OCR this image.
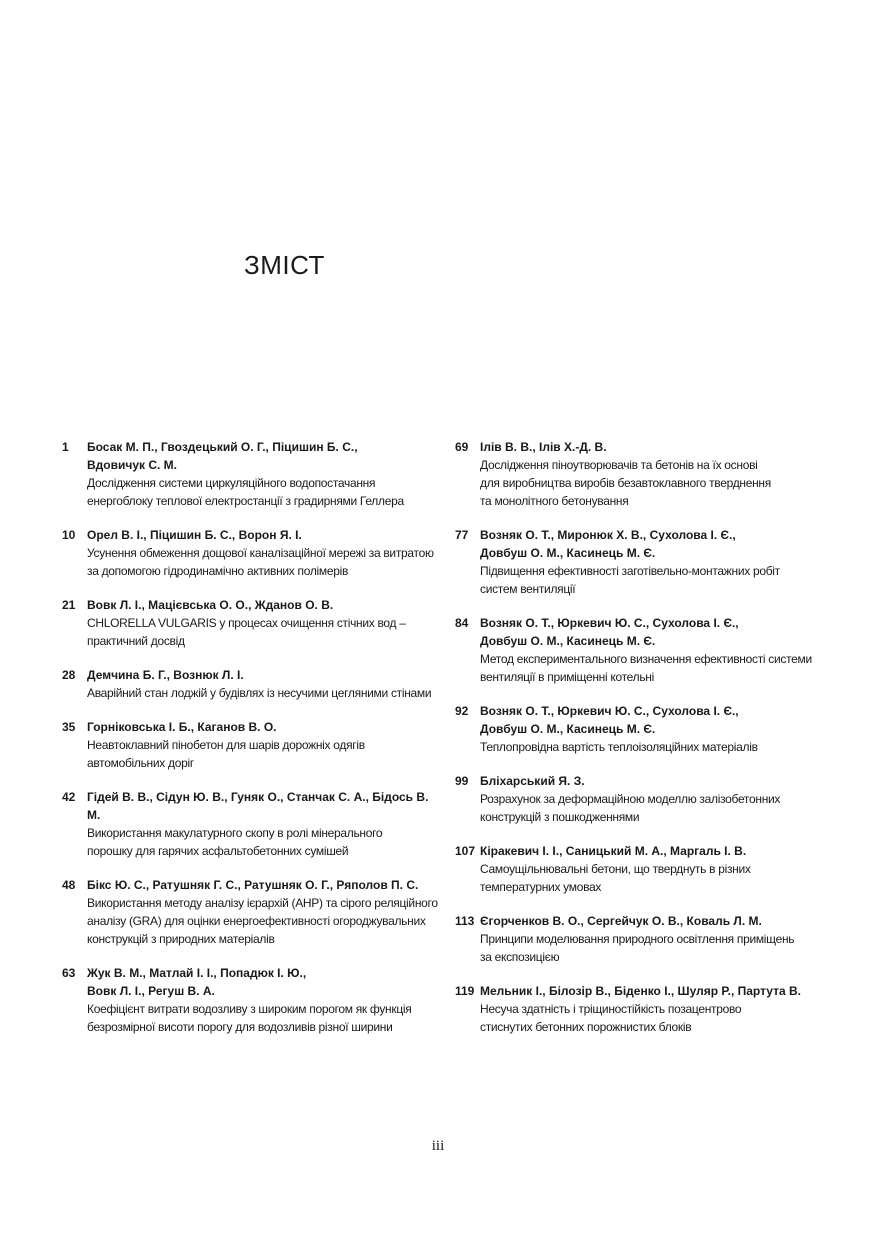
ЗМІСТ
1 Босак М. П., Гвоздецький О. Г., Піцишин Б. С.,
Вдовичук С. М.
Дослідження системи циркуляційного водопостачання
енергоблоку теплової електростанції з градирнями Геллера
10 Орел В. І., Піцишин Б. С., Ворон Я. І.
Усунення обмеження дощової каналізаційної мережі за витратою
за допомогою гідродинамічно активних полімерів
21 Вовк Л. І., Мацієвська О. О., Жданов О. В.
CHLORELLA VULGARIS у процесах очищення стічних вод –
практичний досвід
28 Демчина Б. Г., Вознюк Л. І.
Аварійний стан лоджій у будівлях із несучими цегляними стінами
35 Горніковська І. Б., Каганов В. О.
Неавтоклавний пінобетон для шарів дорожніх одягів
автомобільних доріг
42 Гідей В. В., Сідун Ю. В., Гуняк О., Станчак С. А., Бідось В. М.
Використання макулатурного скопу в ролі мінерального
порошку для гарячих асфальтобетонних сумішей
48 Бікс Ю. С., Ратушняк Г. С., Ратушняк О. Г., Ряполов П. С.
Використання методу аналізу ієрархій (AHP) та сірого реляційного
аналізу (GRA) для оцінки енергоефективності огороджувальних
конструкцій з природних матеріалів
63 Жук В. М., Матлай І. І., Попадюк І. Ю.,
Вовк Л. І., Регуш В. А.
Коефіцієнт витрати водозливу з широким порогом як функція
безрозмірної висоти порогу для водозливів різної ширини
69 Ілів В. В., Ілів Х.-Д. В.
Дослідження піноутворювачів та бетонів на їх основі
для виробництва виробів безавтоклавного тверднення
та монолітного бетонування
77 Возняк О. Т., Миронюк Х. В., Сухолова І. Є.,
Довбуш О. М., Касинець М. Є.
Підвищення ефективності заготівельно-монтажних робіт
систем вентиляції
84 Возняк О. Т., Юркевич Ю. С., Сухолова І. Є.,
Довбуш О. М., Касинець М. Є.
Метод експериментального визначення ефективності системи
вентиляції в приміщенні котельні
92 Возняк О. Т., Юркевич Ю. С., Сухолова І. Є.,
Довбуш О. М., Касинець М. Є.
Теплопровідна вартість теплоізоляційних матеріалів
99 Бліхарський Я. З.
Розрахунок за деформаційною моделлю залізобетонних
конструкцій з пошкодженнями
107 Кіракевич І. І., Саницький М. А., Маргаль І. В.
Самоущільнювальні бетони, що тверднуть в різних
температурних умовах
113 Єгорченков В. О., Сергейчук О. В., Коваль Л. М.
Принципи моделювання природного освітлення приміщень
за експозицією
119 Мельник І., Білозір В., Біденко І., Шуляр Р., Партута В.
Несуча здатність і тріщиностійкість позацентрово
стиснутих бетонних порожнистих блоків
iii
